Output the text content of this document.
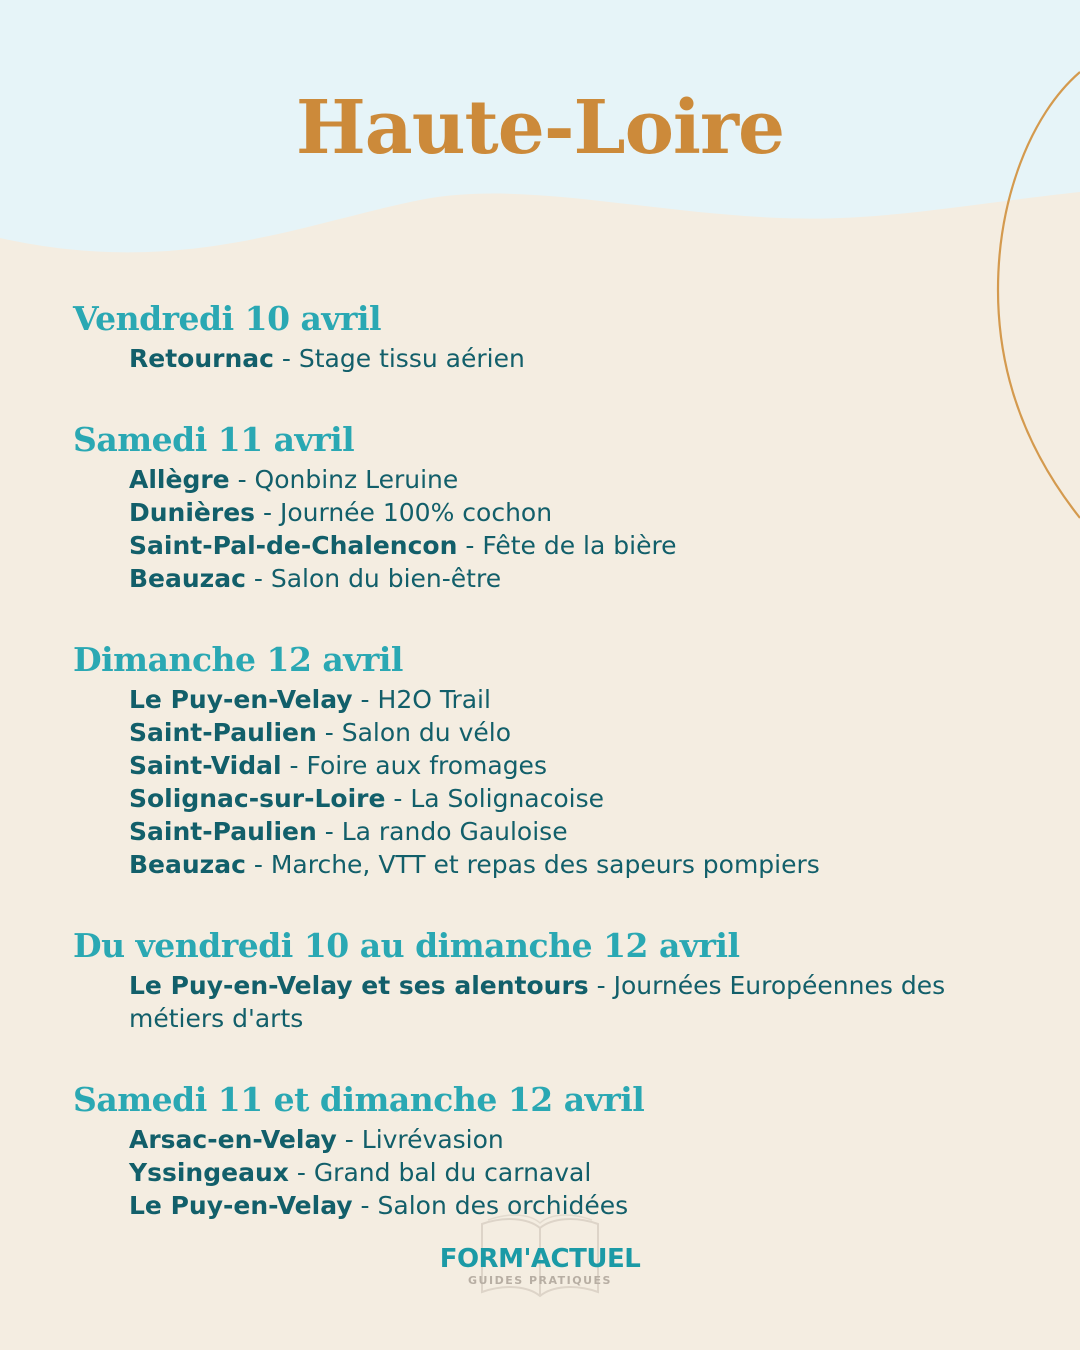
Haute-Loire
Vendredi 10 avril

Retournac - Stage tissu aérien

Samedi 11 avril

Allègre - Qonbinz Leruine

Dunières - Journée 100% cochon

Saint-Pal-de-Chalencon - Fête de la bière

Beauzac - Salon du bien-être

Dimanche 12 avril

Le Puy-en-Velay - H2O Trail

Saint-Paulien - Salon du vélo

Saint-Vidal - Foire aux fromages

Solignac-sur-Loire - La Solignacoise

Saint-Paulien - La rando Gauloise

Beauzac - Marche, VTT et repas des sapeurs pompiers

Du vendredi 10 au dimanche 12 avril

Le Puy-en-Velay et ses alentours - Journées Européennes des métiers d'arts

Samedi 11 et dimanche 12 avril

Arsac-en-Velay - Livrévasion

Yssingeaux - Grand bal du carnaval

Le Puy-en-Velay - Salon des orchidées

FORM'ACTUEL
GUIDES PRATIQUES
